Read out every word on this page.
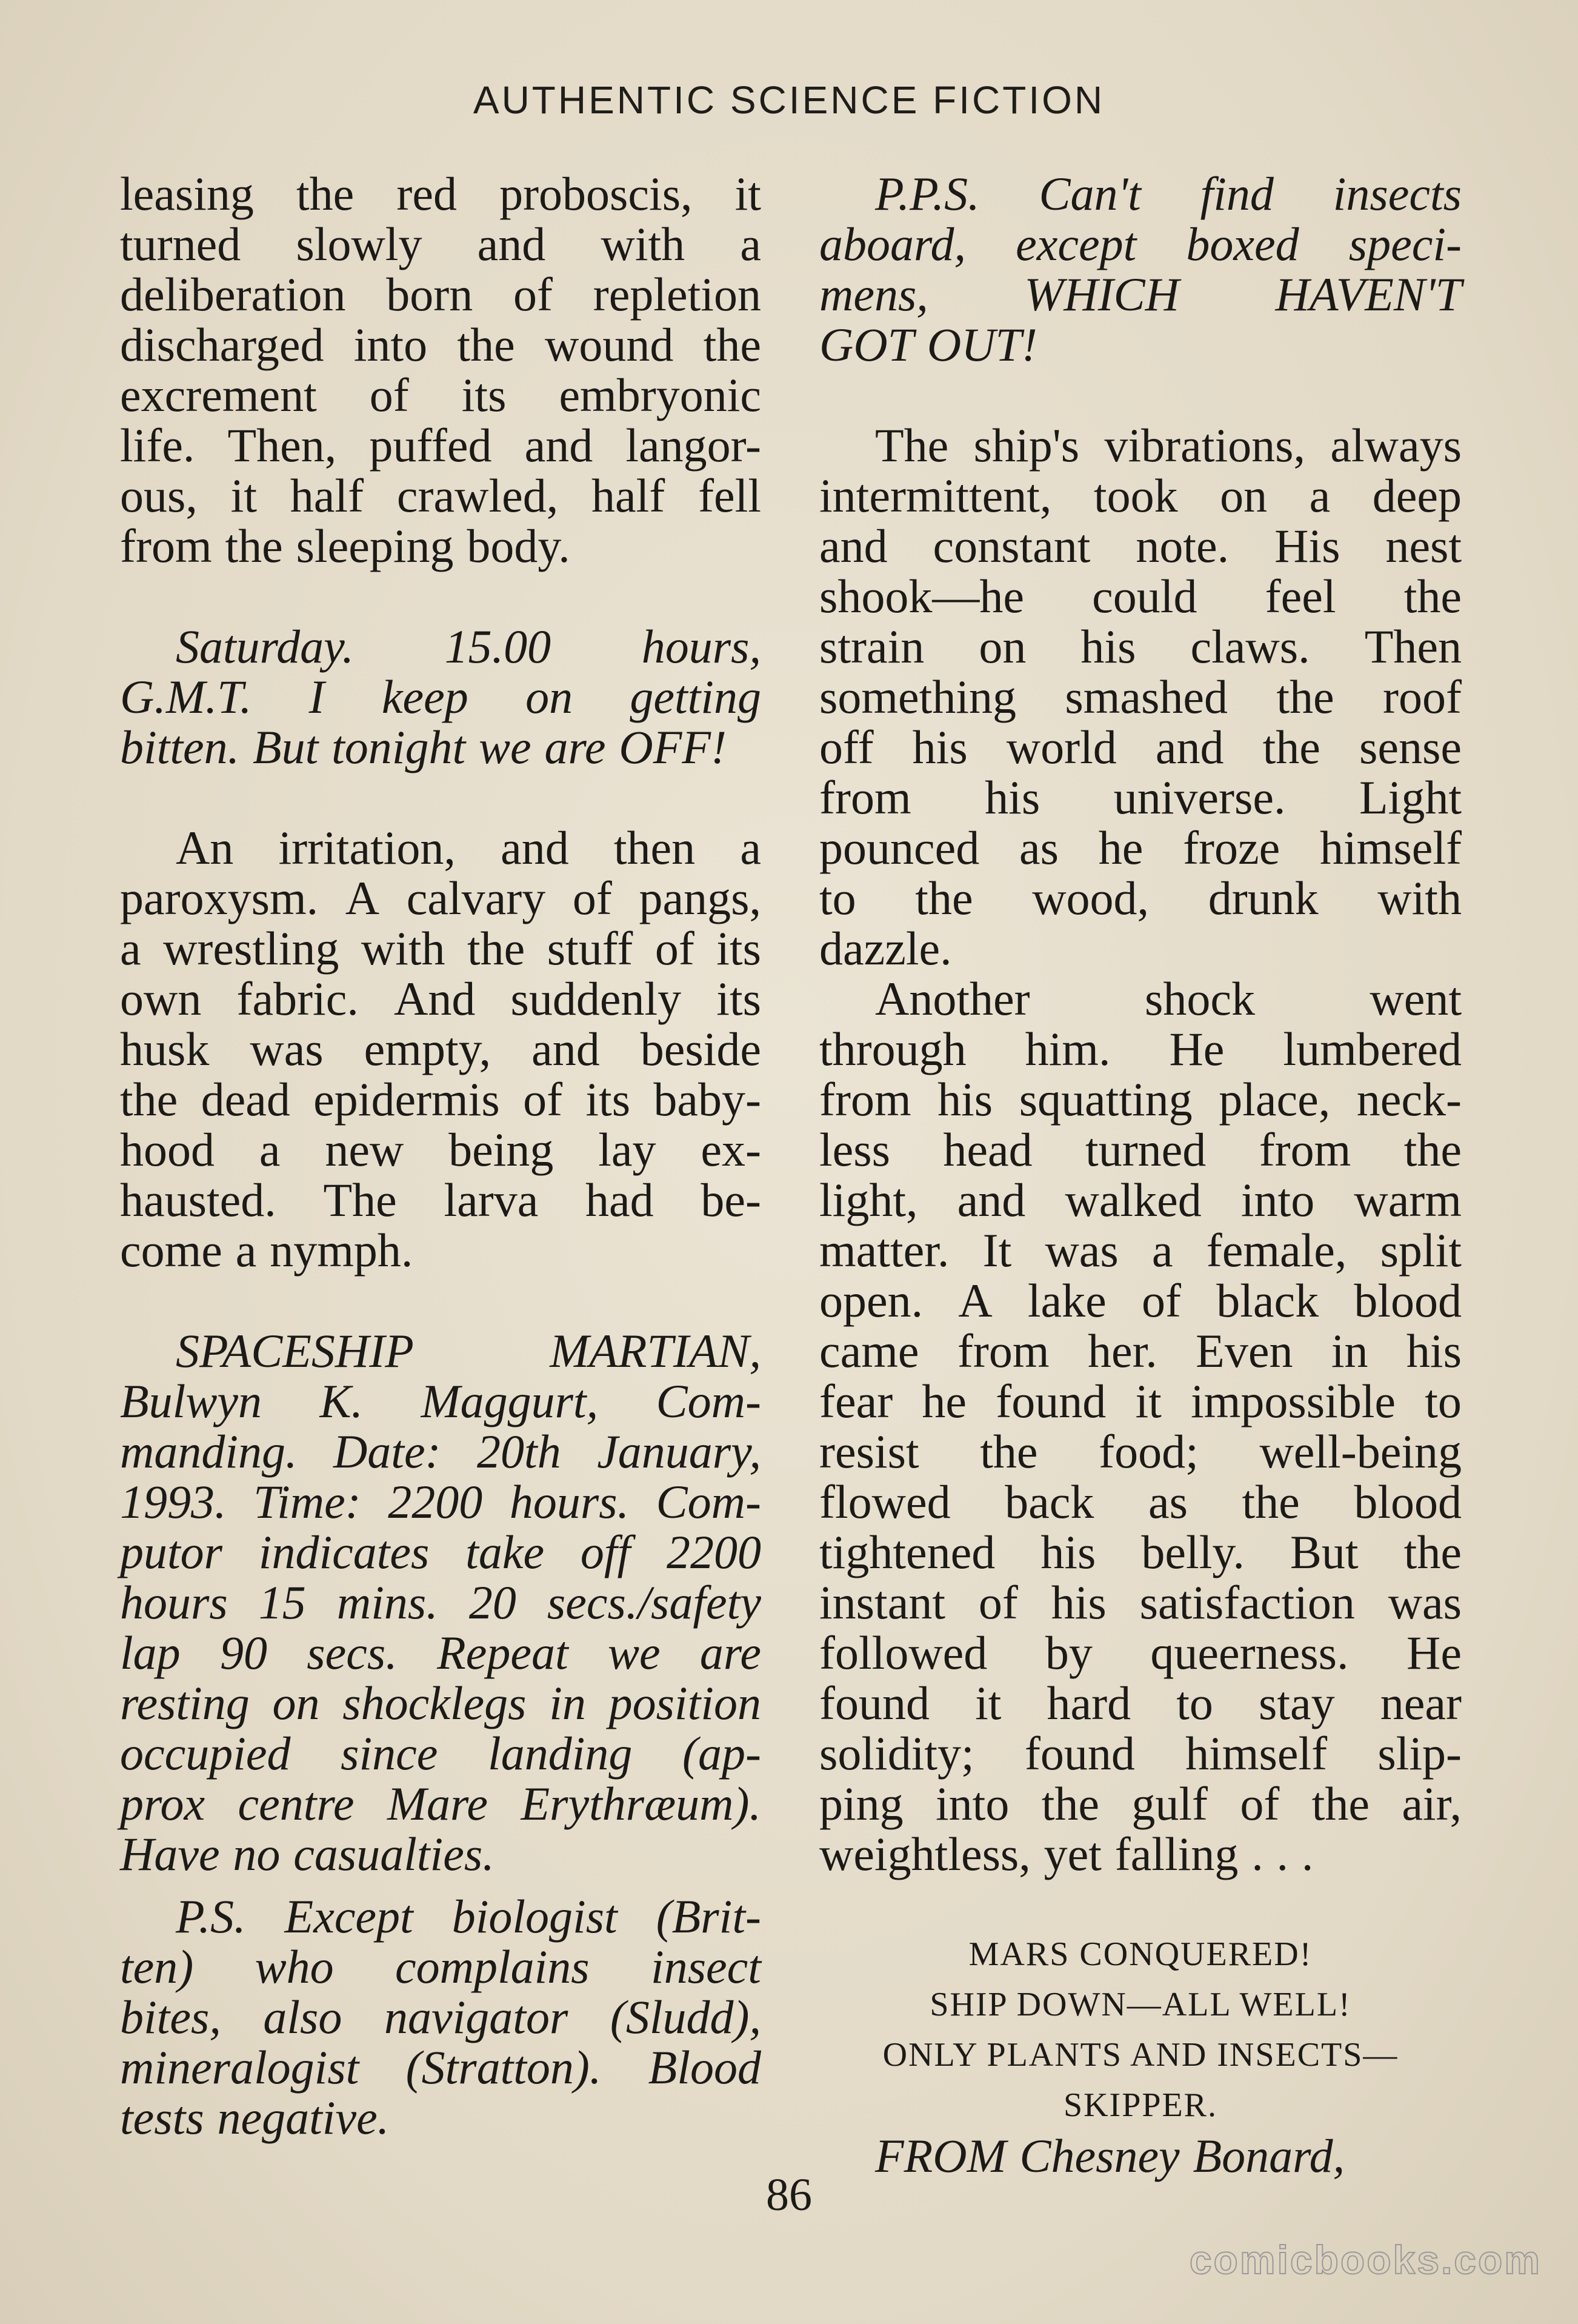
AUTHENTIC SCIENCE FICTION
leasing the red proboscis, it
turned slowly and with a
deliberation born of repletion
discharged into the wound the
excrement of its embryonic
life. Then, puffed and langor-
ous, it half crawled, half fell
from the sleeping body.
Saturday. 15.00 hours,
G.M.T. I keep on getting
bitten. But tonight we are OFF!
An irritation, and then a
paroxysm. A calvary of pangs,
a wrestling with the stuff of its
own fabric. And suddenly its
husk was empty, and beside
the dead epidermis of its baby-
hood a new being lay ex-
hausted. The larva had be-
come a nymph.
SPACESHIP	MARTIAN,
Bulwyn K. Maggurt, Com-
manding. Date: 20th January,
1993. Time: 2200 hours. Com-
putor indicates take off 2200
hours 15 mins. 20 secs./safety
lap 90 secs. Repeat we are
resting on shocklegs in position
occupied since landing (ap-
prox centre Mare Erythræum).
Have no casualties.
P.S. Except biologist (Brit-
ten) who complains insect
bites, also navigator (Sludd),
mineralogist (Stratton). Blood
tests negative.
P.P.S. Can't find insects
aboard, except boxed speci-
mens, WHICH HAVEN'T
GOT OUT!
The ship's vibrations, always
intermittent, took on a deep
and constant note. His nest
shook—he could feel the
strain on his claws. Then
something smashed the roof
off his world and the sense
from his universe. Light
pounced as he froze himself
to the wood, drunk with
dazzle.
Another shock went
through him. He lumbered
from his squatting place, neck-
less head turned from the
light, and walked into warm
matter. It was a female, split
open. A lake of black blood
came from her. Even in his
fear he found it impossible to
resist the food; well-being
flowed back as the blood
tightened his belly. But the
instant of his satisfaction was
followed by queerness. He
found it hard to stay near
solidity; found himself slip-
ping into the gulf of the air,
weightless, yet falling . . .
MARS CONQUERED!
SHIP DOWN—ALL WELL!
ONLY PLANTS AND INSECTS—
SKIPPER.
FROM Chesney Bonard,
86
comicbooks.com
